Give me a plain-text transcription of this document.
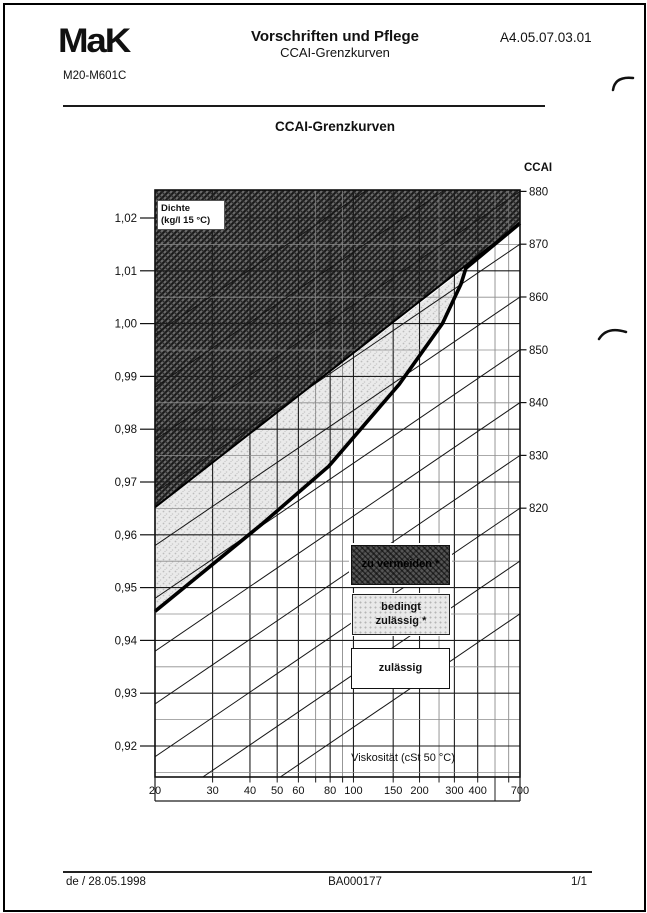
MaK	Vorschriften und Pflege
CCAI-Grenzkurven
A4.05.07.03.01
M20-M601C
CCAI-Grenzkurven
CCAI
20	30 40 50 60 80 100 150 200 300 400 700
1,02
1,01
1,00
0,99
0,98
0,97
0,96
0,95
0,94
0,93
0,92
880
870
860
850
840
830
820
Dichte
(kg/l 15 °C)
zu vermeiden *
bedingt
zulässig *
zulässig
Viskosität (cSt 50 °C)
de / 28.05.1998	BA000177	1/1
